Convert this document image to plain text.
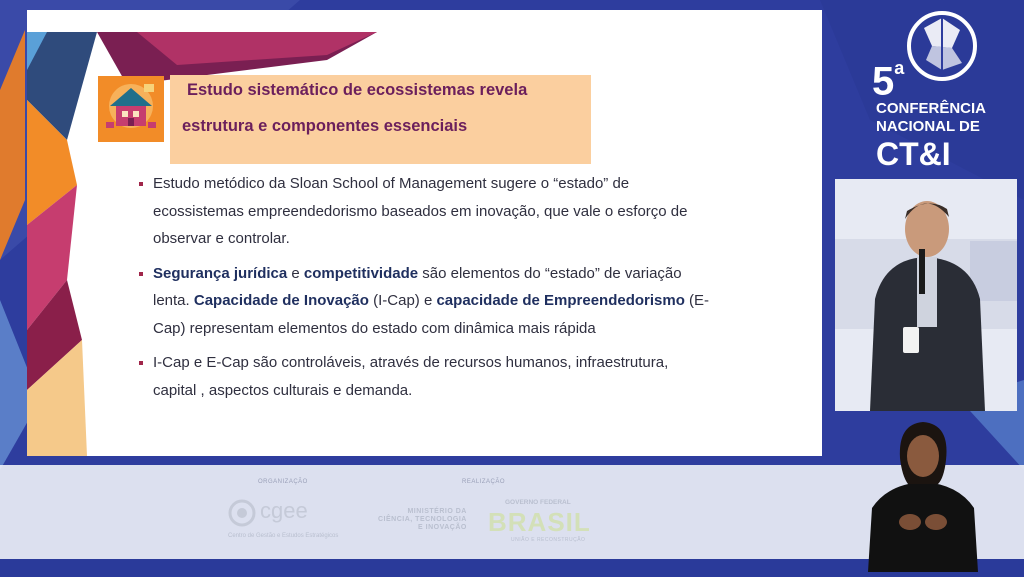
Estudo sistemático de ecossistemas revela
estrutura e componentes essenciais
Estudo metódico da Sloan School of Management sugere o “estado” de
ecossistemas empreendedorismo baseados em inovação, que vale o esforço de
observar e controlar.
Segurança jurídica e competitividade são elementos do “estado” de variação
lenta. Capacidade de Inovação (I-Cap) e capacidade de Empreendedorismo (E-
Cap) representam elementos do estado com dinâmica mais rápida
I-Cap e E-Cap são controláveis, através de recursos humanos, infraestrutura,
capital , aspectos culturais e demanda.
5$^a$
CONFERÊNCIA
NACIONAL DE
CT&I
ORGANIZAÇÃO	REALIZAÇÃO
cgee
Centro de Gestão e Estudos Estratégicos
MINISTÉRIO DA
CIÊNCIA, TECNOLOGIA
E INOVAÇÃO
GOVERNO FEDERAL
BRASIL
UNIÃO E RECONSTRUÇÃO
